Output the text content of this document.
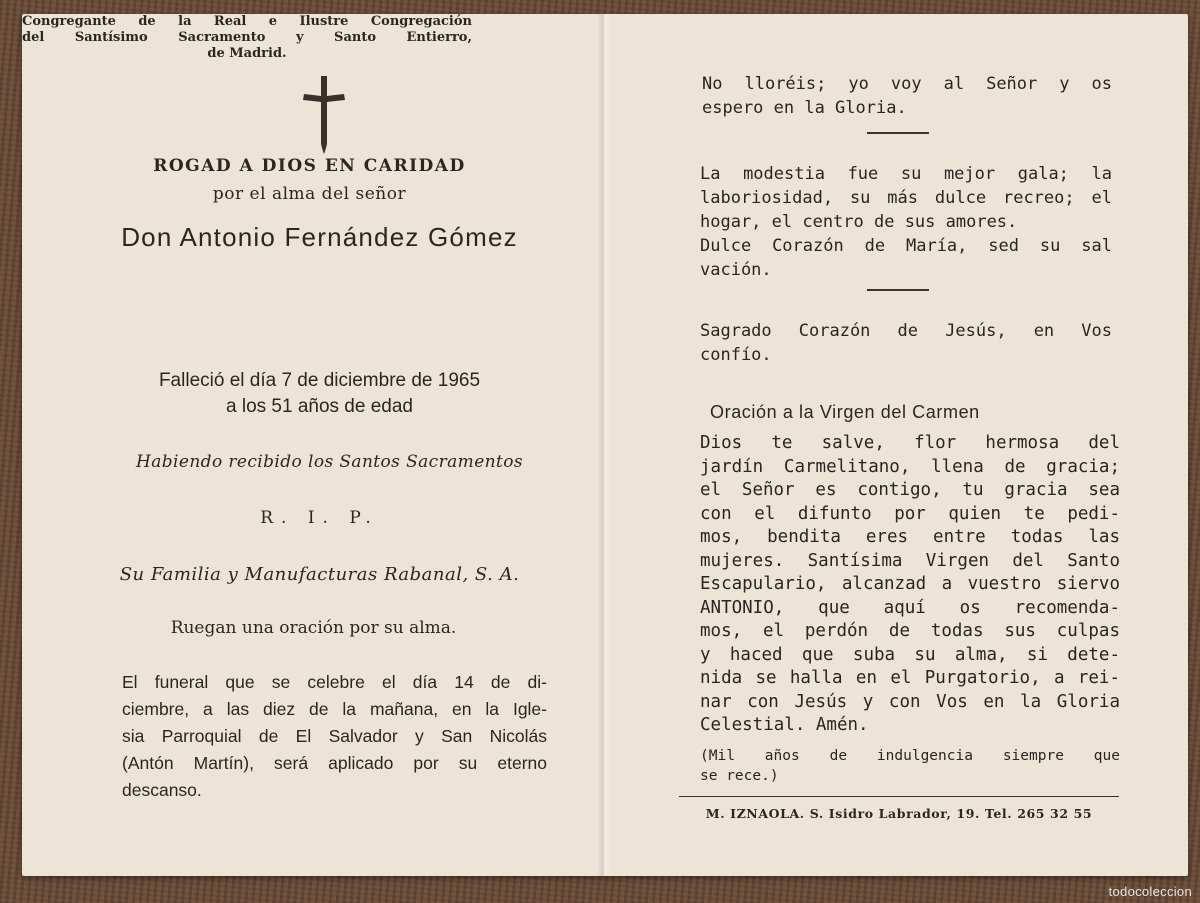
ROGAD A DIOS EN CARIDAD
por el alma del señor
Don Antonio Fernández Gómez
Congregante de la Real e Ilustre Congregación
del Santísimo Sacramento y Santo Entierro,
de Madrid.
Falleció el día 7 de diciembre de 1965
a los 51 años de edad
Habiendo recibido los Santos Sacramentos
R. I. P.
Su Familia y Manufacturas Rabanal, S. A.
Ruegan una oración por su alma.
El funeral que se celebre el día 14 de di-
ciembre, a las diez de la mañana, en la Igle-
sia Parroquial de El Salvador y San Nicolás
(Antón Martín), será aplicado por su eterno
descanso.
No lloréis; yo voy al Señor y os
espero en la Gloria.
La modestia fue su mejor gala; la
laboriosidad, su más dulce recreo; el
hogar, el centro de sus amores.
Dulce Corazón de María, sed su sal
vación.
Sagrado Corazón de Jesús, en Vos
confío.
Oración a la Virgen del Carmen
Dios te salve, flor hermosa del
jardín Carmelitano, llena de gracia;
el Señor es contigo, tu gracia sea
con el difunto por quien te pedi-
mos, bendita eres entre todas las
mujeres. Santísima Virgen del Santo
Escapulario, alcanzad a vuestro siervo
ANTONIO, que aquí os recomenda-
mos, el perdón de todas sus culpas
y haced que suba su alma, si dete-
nida se halla en el Purgatorio, a rei-
nar con Jesús y con Vos en la Gloria
Celestial. Amén.
(Mil años de indulgencia siempre que
se rece.)
M. IZNAOLA. S. Isidro Labrador, 19. Tel. 265 32 55
todocoleccion
